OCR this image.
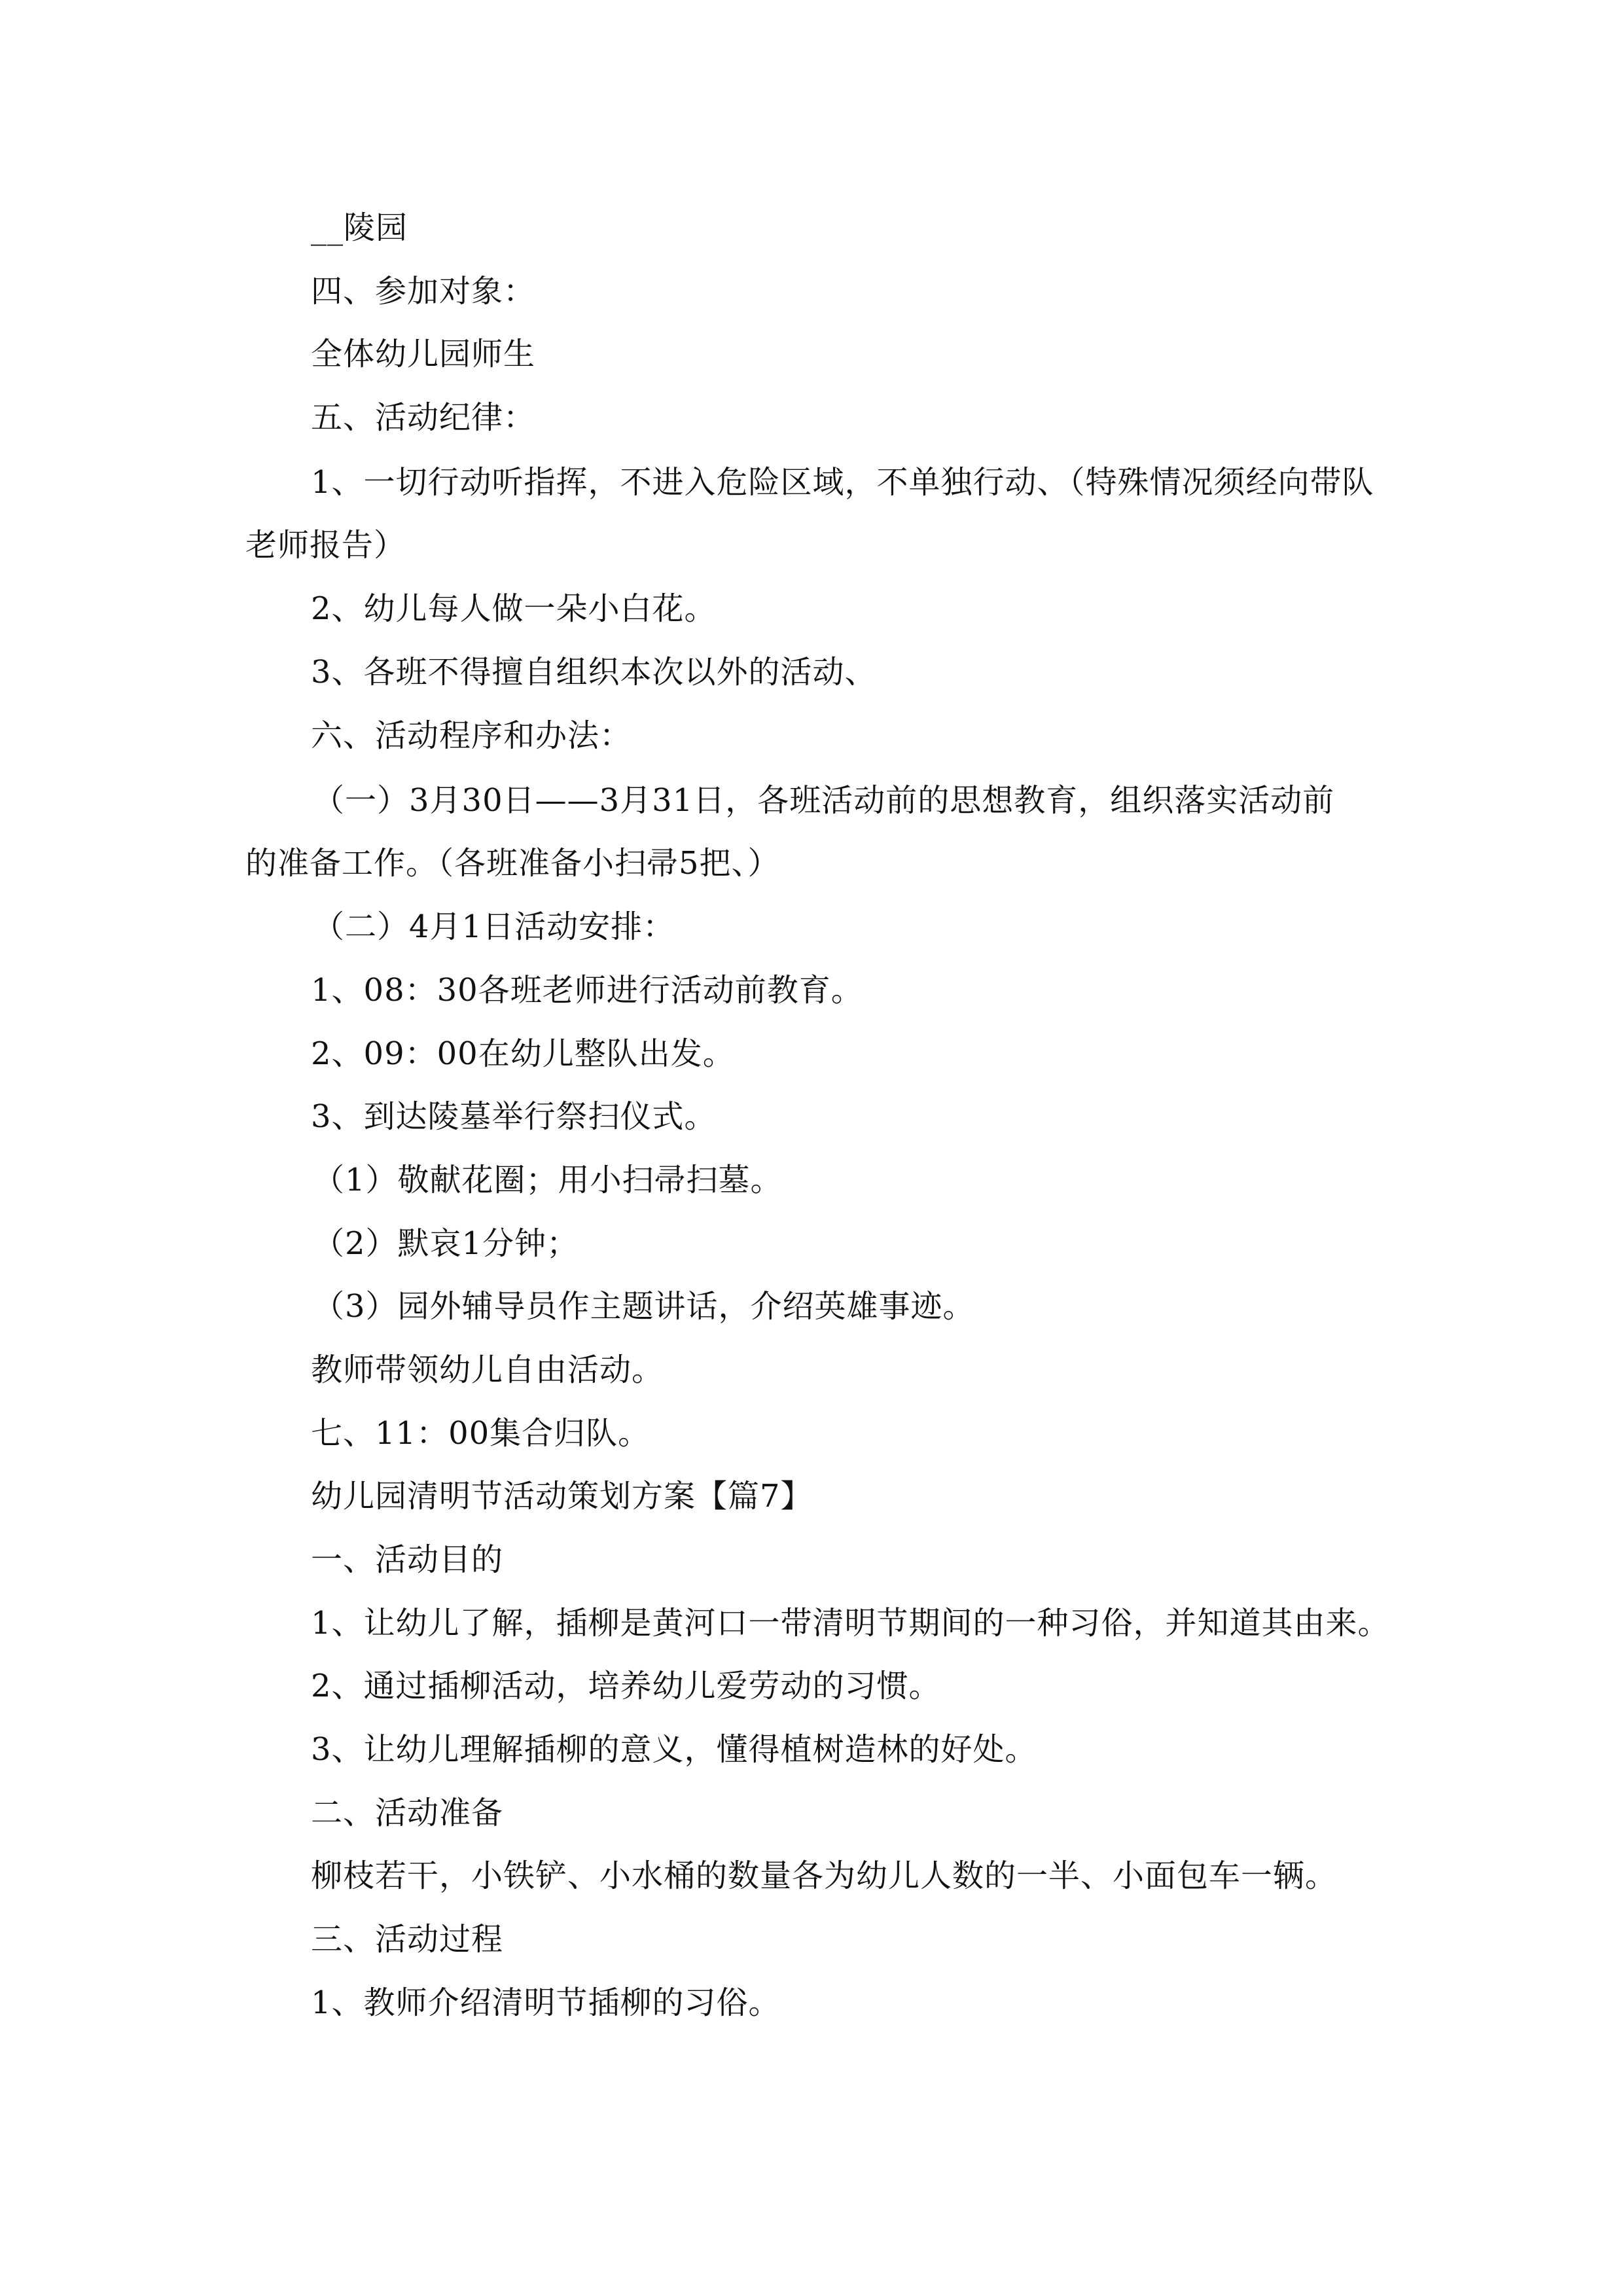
__陵园
四、参加对象：
全体幼儿园师生
五、活动纪律：
1、一切行动听指挥，不进入危险区域，不单独行动、（特殊情况须经向带队
老师报告）
2、幼儿每人做一朵小白花。
3、各班不得擅自组织本次以外的活动、
六、活动程序和办法：
（一）3月30日——3月31日，各班活动前的思想教育，组织落实活动前
的准备工作。（各班准备小扫帚5把、）
（二）4月1日活动安排：
1、08：30各班老师进行活动前教育。
2、09：00在幼儿整队出发。
3、到达陵墓举行祭扫仪式。
（1）敬献花圈；用小扫帚扫墓。
（2）默哀1分钟；
（3）园外辅导员作主题讲话，介绍英雄事迹。
教师带领幼儿自由活动。
七、11：00集合归队。
幼儿园清明节活动策划方案【篇7】
一、活动目的
1、让幼儿了解，插柳是黄河口一带清明节期间的一种习俗，并知道其由来。
2、通过插柳活动，培养幼儿爱劳动的习惯。
3、让幼儿理解插柳的意义，懂得植树造林的好处。
二、活动准备
柳枝若干，小铁铲、小水桶的数量各为幼儿人数的一半、小面包车一辆。
三、活动过程
1、教师介绍清明节插柳的习俗。
